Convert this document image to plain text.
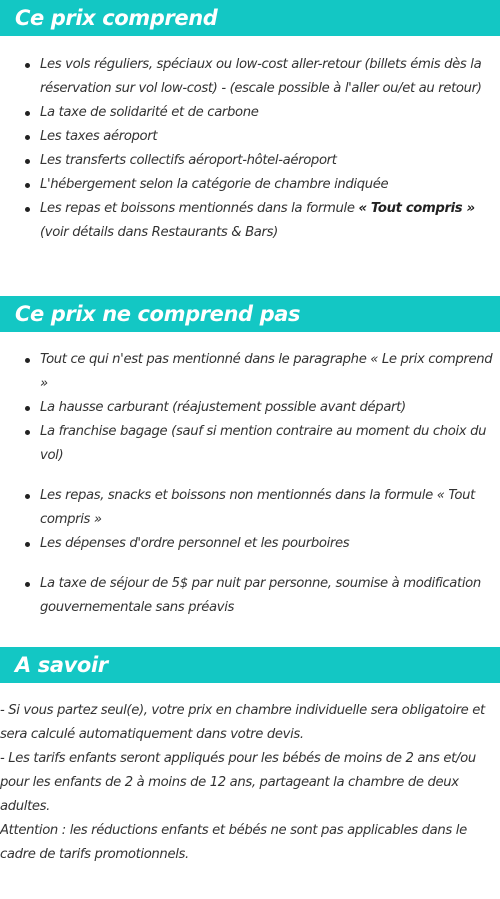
Ce prix comprend
Les vols réguliers, spéciaux ou low-cost aller-retour (billets émis dès la réservation sur vol low-cost) - (escale possible à l'aller ou/et au retour)
La taxe de solidarité et de carbone
Les taxes aéroport
Les transferts collectifs aéroport-hôtel-aéroport
L'hébergement selon la catégorie de chambre indiquée
Les repas et boissons mentionnés dans la formule « Tout compris » (voir détails dans Restaurants & Bars)
Ce prix ne comprend pas
Tout ce qui n'est pas mentionné dans le paragraphe « Le prix comprend »
La hausse carburant (réajustement possible avant départ)
La franchise bagage (sauf si mention contraire au moment du choix du vol)
Les repas, snacks et boissons non mentionnés dans la formule « Tout compris »
Les dépenses d'ordre personnel et les pourboires
La taxe de séjour de 5$ par nuit par personne, soumise à modification gouvernementale sans préavis
A savoir

- Si vous partez seul(e), votre prix en chambre individuelle sera obligatoire et sera calculé automatiquement dans votre devis.

- Les tarifs enfants seront appliqués pour les bébés de moins de 2 ans et/ou pour les enfants de 2 à moins de 12 ans, partageant la chambre de deux adultes.

Attention : les réductions enfants et bébés ne sont pas applicables dans le cadre de tarifs promotionnels.
